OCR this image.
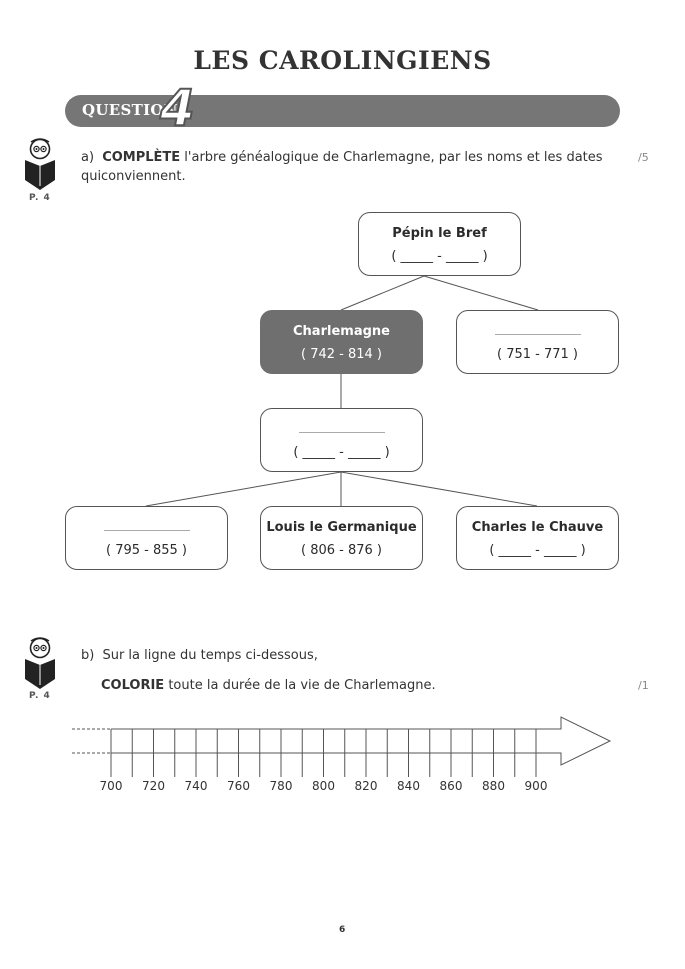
LES CAROLINGIENS
QUESTION
4
P. 4
a) COMPLÈTE l'arbre généalogique de Charlemagne, par les noms et les dates qui conviennent.
/5
Pépin le Bref
( _____ - _____ )
Charlemagne
( 742 - 814 )	( 751 - 771 )
( _____ - _____ )
( 795 - 855 )
Louis le Germanique
( 806 - 876 )
Charles le Chauve
( _____ - _____ )
P. 4
b) Sur la ligne du temps ci-dessous,
COLORIE toute la durée de la vie de Charlemagne.	/1
700	720	740	760	780	800	820	840	860	880	900
6
